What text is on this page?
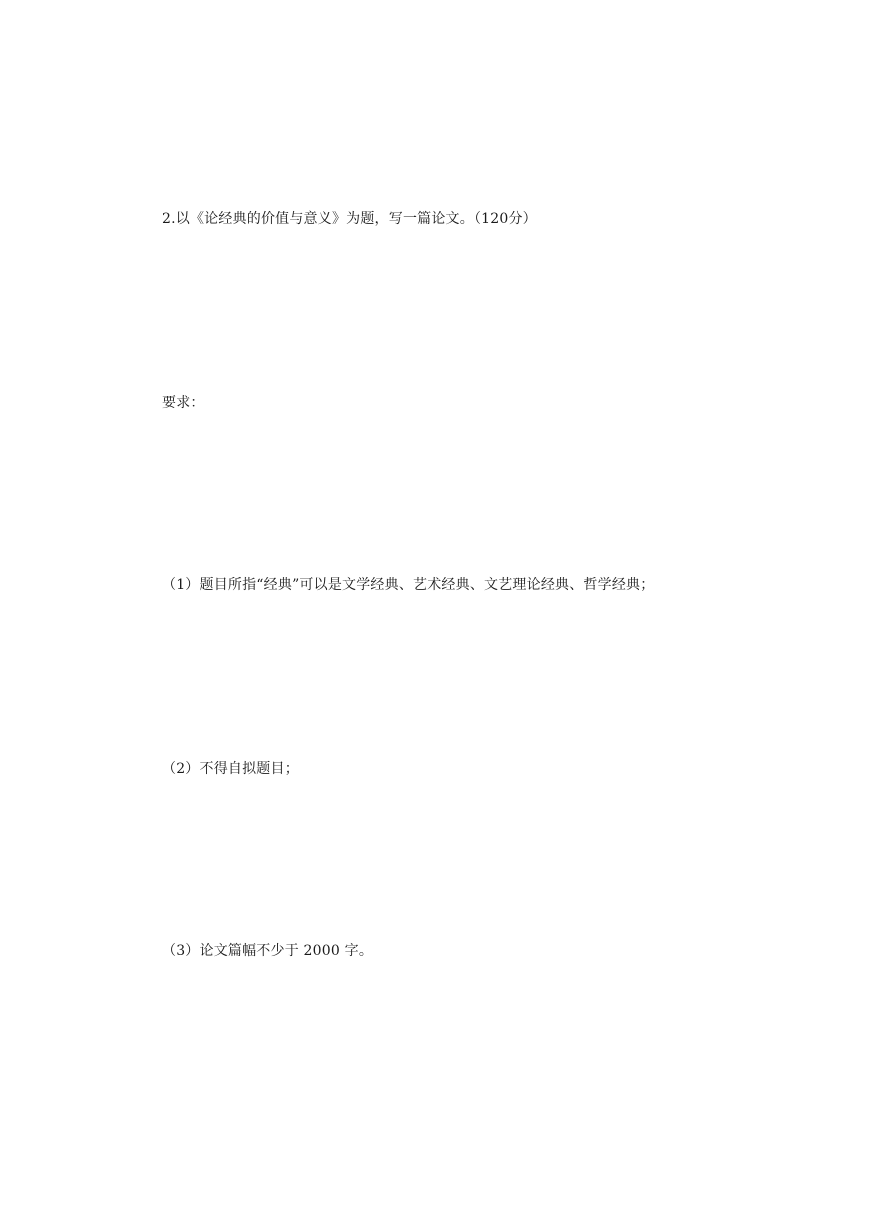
2.以《论经典的价值与意义》为题，写一篇论文。（120分）
要求：
（1）题目所指“经典”可以是文学经典、艺术经典、文艺理论经典、哲学经典；
（2）不得自拟题目；
（3）论文篇幅不少于 2000 字。
